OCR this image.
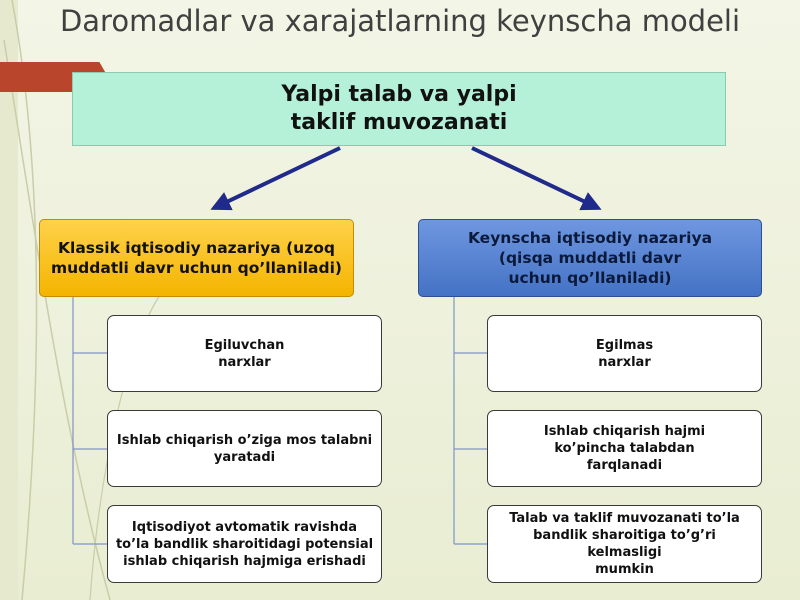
Daromadlar va xarajatlarning keynscha modeli
Yalpi talab va yalpi
taklif muvozanati
Klassik iqtisodiy nazariya (uzoq
muddatli davr uchun qo’llaniladi)
Keynscha iqtisodiy nazariya
(qisqa muddatli davr
uchun qo’llaniladi)
Egiluvchan
narxlar
Ishlab chiqarish o’ziga mos talabni
yaratadi
Iqtisodiyot avtomatik ravishda
to’la bandlik sharoitidagi potensial
ishlab chiqarish hajmiga erishadi
Egilmas
narxlar
Ishlab chiqarish hajmi
ko’pincha talabdan
farqlanadi
Talab va taklif muvozanati to’la
bandlik sharoitiga to’g’ri kelmasligi
mumkin
